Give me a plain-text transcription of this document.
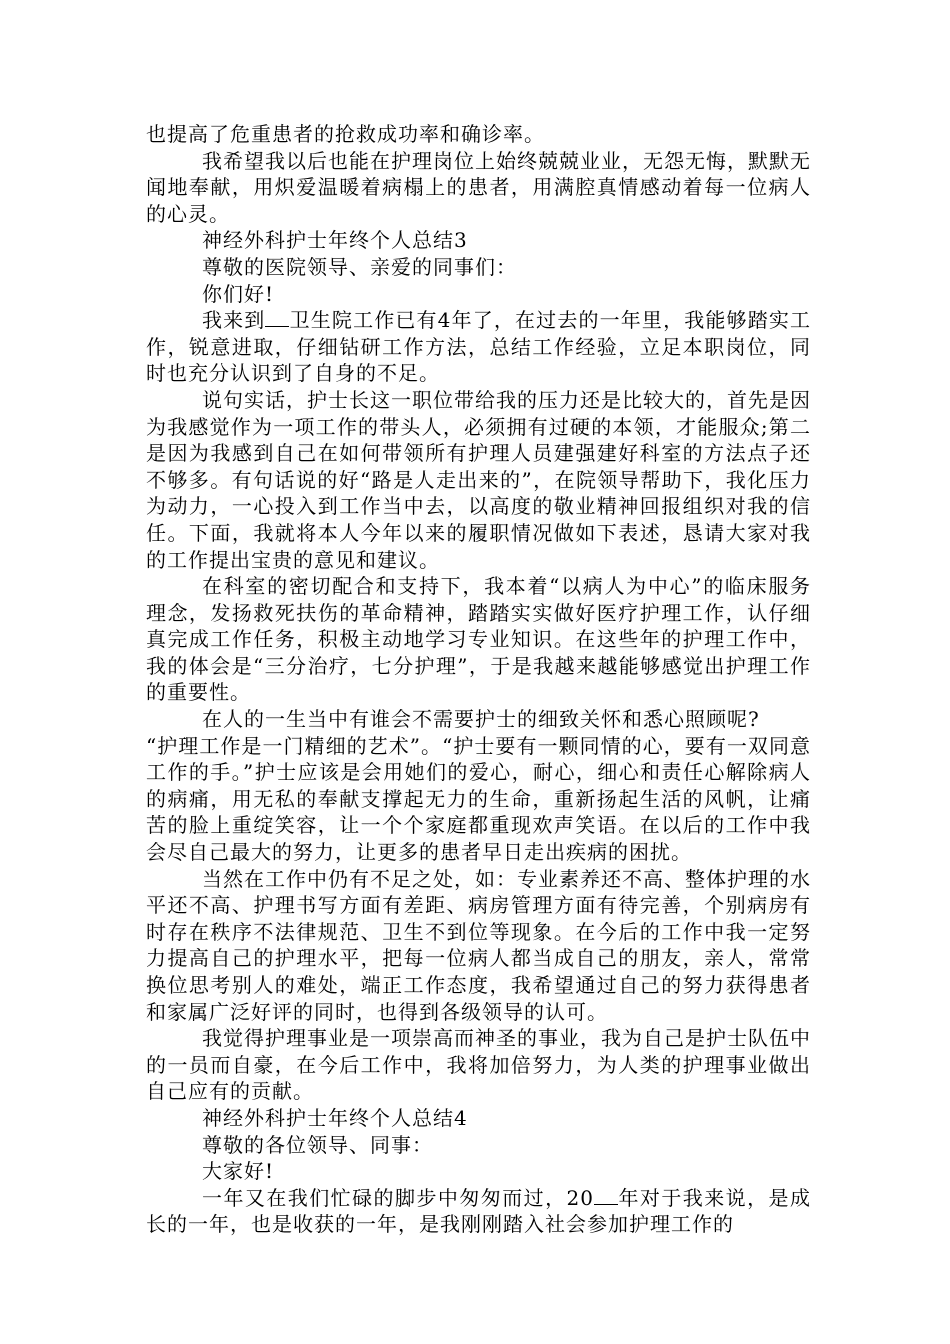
也提高了危重患者的抢救成功率和确诊率。

我希望我以后也能在护理岗位上始终兢兢业业，无怨无悔，默默无闻地奉献，用炽爱温暖着病榻上的患者，用满腔真情感动着每一位病人的心灵。

神经外科护士年终个人总结3

尊敬的医院领导、亲爱的同事们：

你们好!

我来到 卫生院工作已有4年了，在过去的一年里，我能够踏实工作，锐意进取，仔细钻研工作方法，总结工作经验，立足本职岗位，同时也充分认识到了自身的不足。

说句实话，护士长这一职位带给我的压力还是比较大的，首先是因为我感觉作为一项工作的带头人，必须拥有过硬的本领，才能服众;第二是因为我感到自己在如何带领所有护理人员建强建好科室的方法点子还不够多。有句话说的好“路是人走出来的”，在院领导帮助下，我化压力为动力，一心投入到工作当中去，以高度的敬业精神回报组织对我的信任。下面，我就将本人今年以来的履职情况做如下表述，恳请大家对我的工作提出宝贵的意见和建议。

在科室的密切配合和支持下，我本着“以病人为中心”的临床服务理念，发扬救死扶伤的革命精神，踏踏实实做好医疗护理工作，认仔细真完成工作任务，积极主动地学习专业知识。在这些年的护理工作中，我的体会是“三分治疗，七分护理”，于是我越来越能够感觉出护理工作的重要性。

在人的一生当中有谁会不需要护士的细致关怀和悉心照顾呢?
“护理工作是一门精细的艺术”。“护士要有一颗同情的心，要有一双同意工作的手。”护士应该是会用她们的爱心，耐心，细心和责任心解除病人的病痛，用无私的奉献支撑起无力的生命，重新扬起生活的风帆，让痛苦的脸上重绽笑容，让一个个家庭都重现欢声笑语。在以后的工作中我会尽自己最大的努力，让更多的患者早日走出疾病的困扰。

当然在工作中仍有不足之处，如：专业素养还不高、整体护理的水平还不高、护理书写方面有差距、病房管理方面有待完善，个别病房有时存在秩序不法律规范、卫生不到位等现象。在今后的工作中我一定努力提高自己的护理水平，把每一位病人都当成自己的朋友，亲人，常常换位思考别人的难处，端正工作态度，我希望通过自己的努力获得患者和家属广泛好评的同时，也得到各级领导的认可。

我觉得护理事业是一项崇高而神圣的事业，我为自己是护士队伍中的一员而自豪，在今后工作中，我将加倍努力，为人类的护理事业做出自己应有的贡献。

神经外科护士年终个人总结4

尊敬的各位领导、同事：

大家好!

一年又在我们忙碌的脚步中匆匆而过，20 年对于我来说，是成长的一年，也是收获的一年，是我刚刚踏入社会参加护理工作的
